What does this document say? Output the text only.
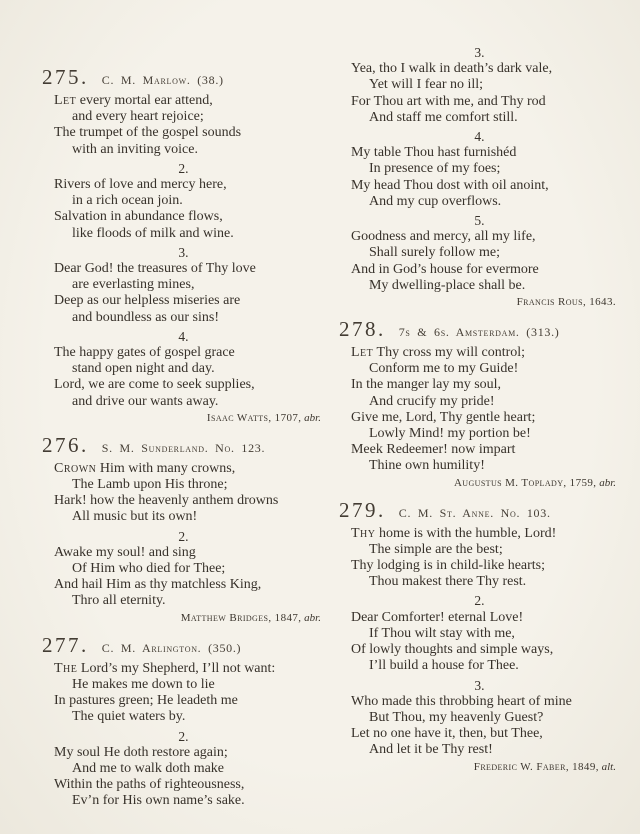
275. C. M. Marlow. (38.)
Let every mortal ear attend,
and every heart rejoice;
The trumpet of the gospel sounds
with an inviting voice.
2.
Rivers of love and mercy here,
in a rich ocean join.
Salvation in abundance flows,
like floods of milk and wine.
3.
Dear God! the treasures of Thy love
are everlasting mines,
Deep as our helpless miseries are
and boundless as our sins!
4.
The happy gates of gospel grace
stand open night and day.
Lord, we are come to seek supplies,
and drive our wants away.
Isaac Watts, 1707, abr.
276. S. M. Sunderland. No. 123.
Crown Him with many crowns,
The Lamb upon His throne;
Hark! how the heavenly anthem drowns
All music but its own!
2.
Awake my soul! and sing
Of Him who died for Thee;
And hail Him as thy matchless King,
Thro all eternity.
Matthew Bridges, 1847, abr.
277. C. M. Arlington. (350.)
The Lord’s my Shepherd, I’ll not want:
He makes me down to lie
In pastures green; He leadeth me
The quiet waters by.
2.
My soul He doth restore again;
And me to walk doth make
Within the paths of righteousness,
Ev’n for His own name’s sake.
3.
Yea, tho I walk in death’s dark vale,
Yet will I fear no ill;
For Thou art with me, and Thy rod
And staff me comfort still.
4.
My table Thou hast furnishéd
In presence of my foes;
My head Thou dost with oil anoint,
And my cup overflows.
5.
Goodness and mercy, all my life,
Shall surely follow me;
And in God’s house for evermore
My dwelling-place shall be.
Francis Rous, 1643.
278. 7s & 6s. Amsterdam. (313.)
Let Thy cross my will control;
Conform me to my Guide!
In the manger lay my soul,
And crucify my pride!
Give me, Lord, Thy gentle heart;
Lowly Mind! my portion be!
Meek Redeemer! now impart
Thine own humility!
Augustus M. Toplady, 1759, abr.
279. C. M. St. Anne. No. 103.
Thy home is with the humble, Lord!
The simple are the best;
Thy lodging is in child-like hearts;
Thou makest there Thy rest.
2.
Dear Comforter! eternal Love!
If Thou wilt stay with me,
Of lowly thoughts and simple ways,
I’ll build a house for Thee.
3.
Who made this throbbing heart of mine
But Thou, my heavenly Guest?
Let no one have it, then, but Thee,
And let it be Thy rest!
Frederic W. Faber, 1849, alt.
